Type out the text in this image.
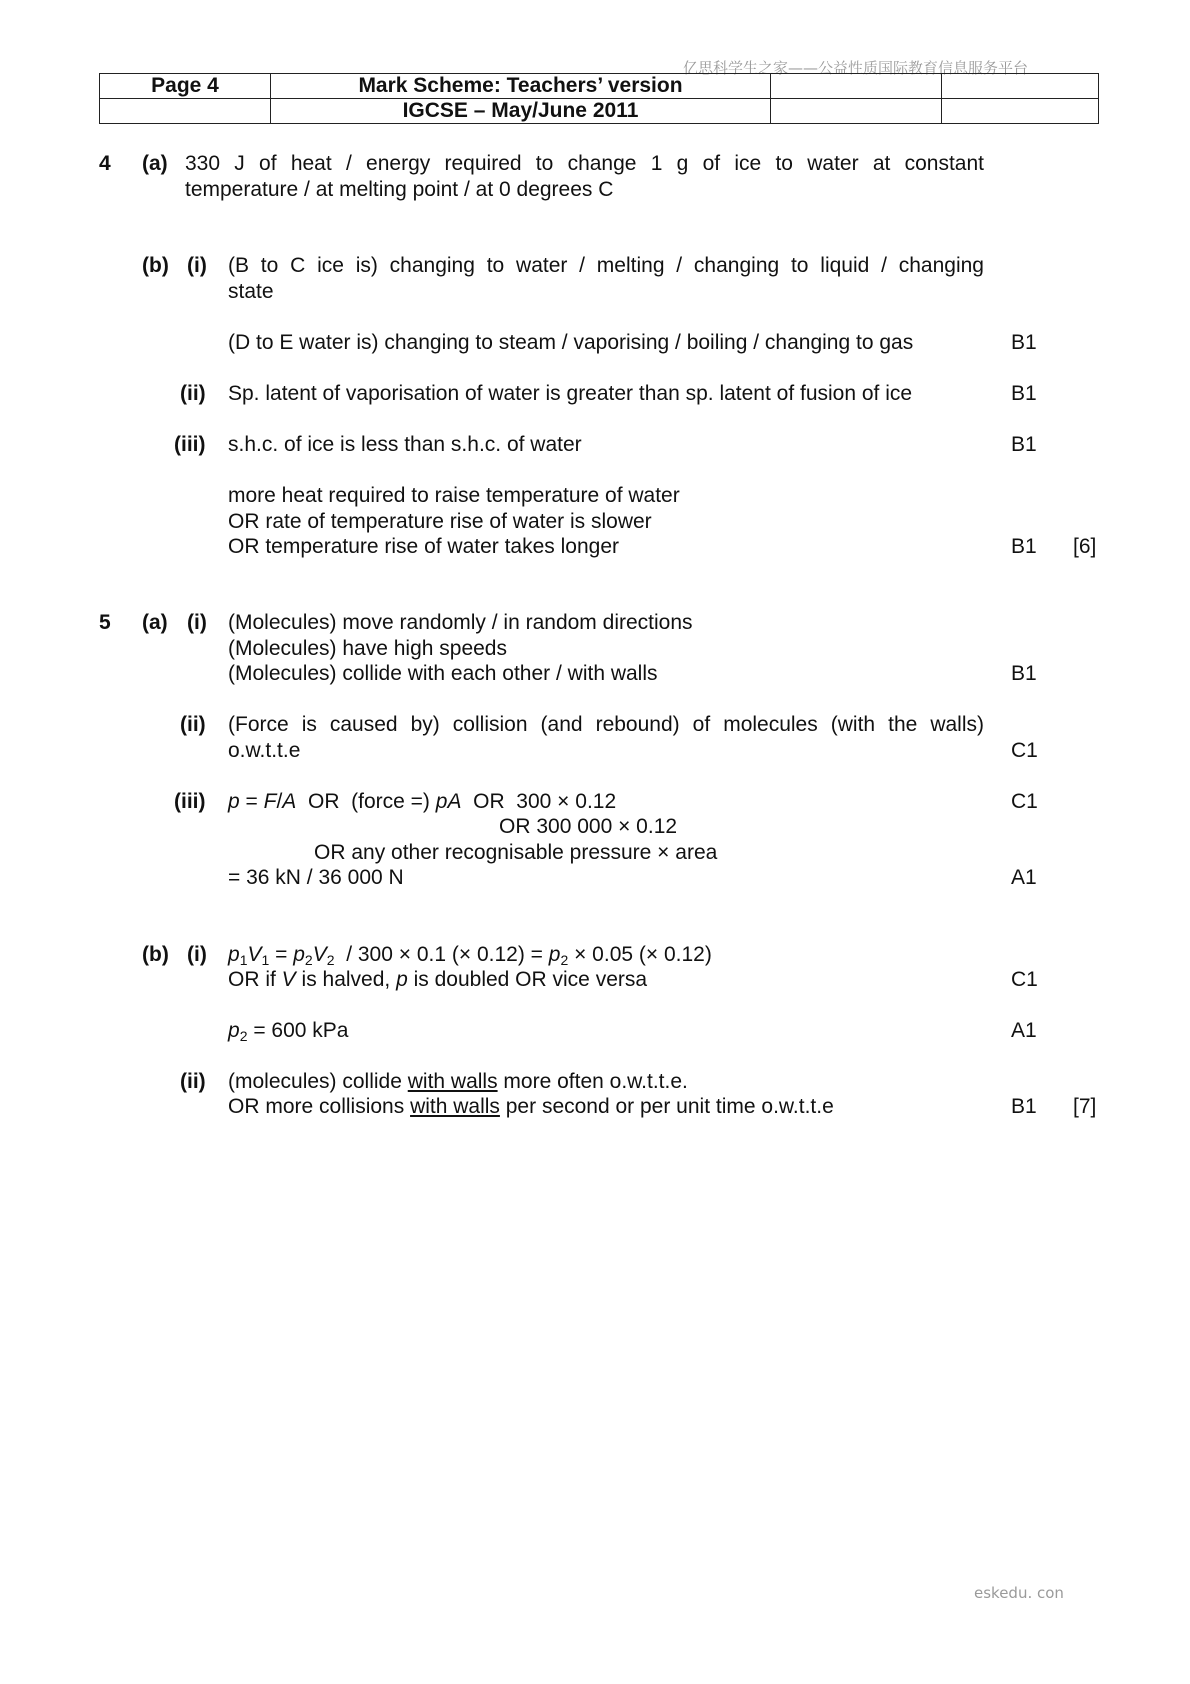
亿思科学生之家——公益性质国际教育信息服务平台
eskedu. con
Page 4	Mark Scheme: Teachers’ version		
	IGCSE – May/June 2011		
4 (a) 330 J of heat / energy required to change 1 g of ice to water at constant
temperature / at melting point / at 0 degrees C
(b) (i) (B to C ice is) changing to water / melting / changing to liquid / changing
state
(D to E water is) changing to steam / vaporising / boiling / changing to gas	B1
(ii) Sp. latent of vaporisation of water is greater than sp. latent of fusion of ice	B1
(iii) s.h.c. of ice is less than s.h.c. of water	B1
more heat required to raise temperature of water
OR rate of temperature rise of water is slower
OR temperature rise of water takes longer	B1 [6]
5 (a) (i) (Molecules) move randomly / in random directions
(Molecules) have high speeds
(Molecules) collide with each other / with walls	B1
(ii) (Force is caused by) collision (and rebound) of molecules (with the walls)
o.w.t.t.e	C1
(iii) p = F/A  OR  (force =) pA  OR  300 × 0.12	C1
OR 300 000 × 0.12
OR any other recognisable pressure × area
= 36 kN / 36 000 N	A1
(b) (i) $p_1V_1 = p_2V_2 / 300 \times 0.1$ (× $0.12) = p_2 \times 0.05$ (× 0.12)
OR if V is halved, p is doubled OR vice versa	C1
$p_2 = 600$ kPa	A1
(ii) (molecules) collide with walls more often o.w.t.t.e.
OR more collisions with walls per second or per unit time o.w.t.t.e	B1 [7]
